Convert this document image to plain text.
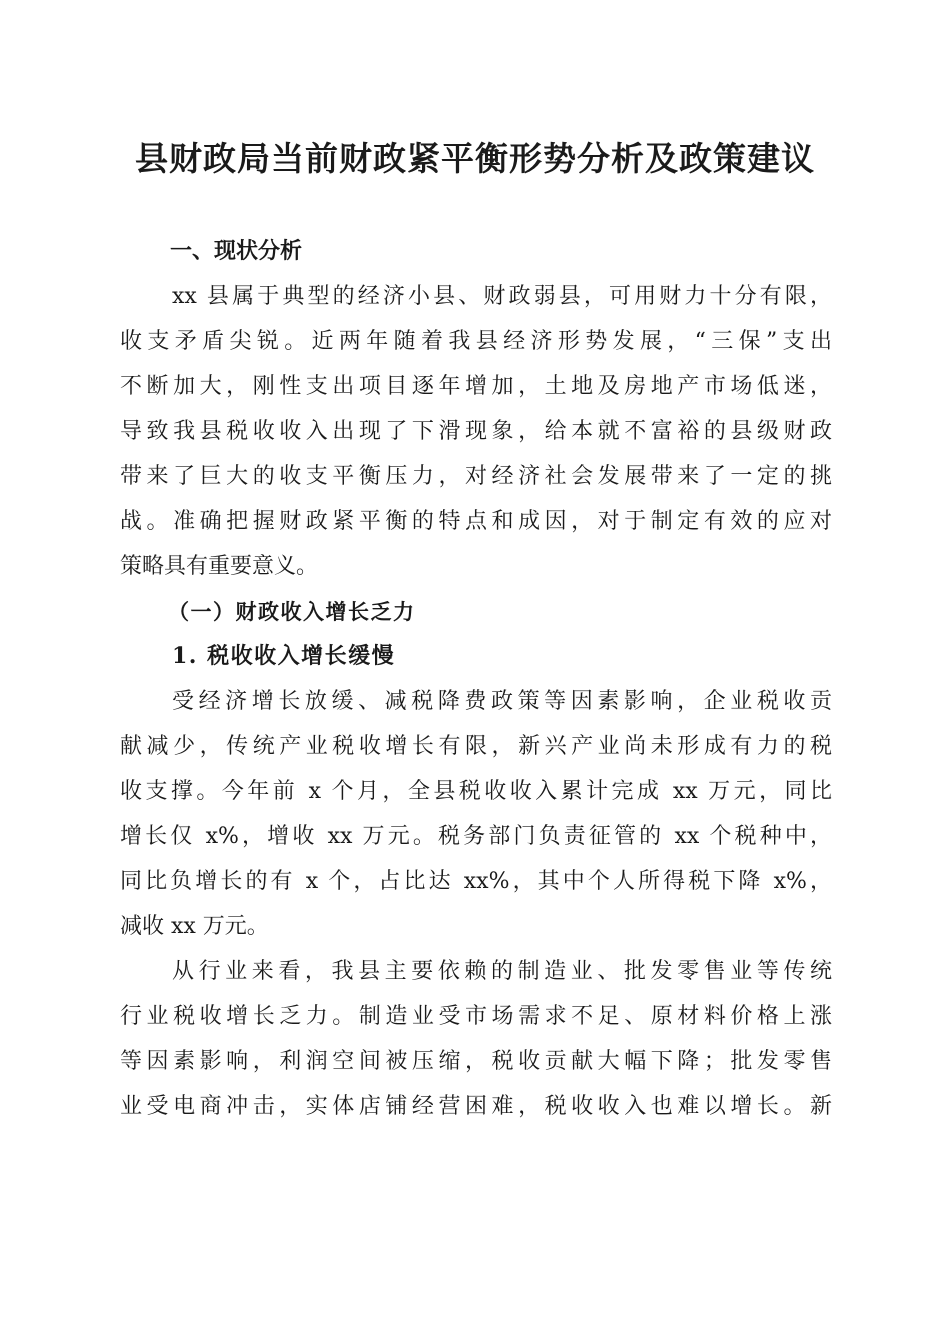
县财政局当前财政紧平衡形势分析及政策建议
一、现状分析

xx 县属于典型的经济小县、财政弱县，可用财力十分有限，
收支矛盾尖锐。近两年随着我县经济形势发展，“三保”支出
不断加大，刚性支出项目逐年增加，土地及房地产市场低迷，
导致我县税收收入出现了下滑现象，给本就不富裕的县级财政
带来了巨大的收支平衡压力，对经济社会发展带来了一定的挑
战。准确把握财政紧平衡的特点和成因，对于制定有效的应对
策略具有重要意义。

（一）财政收入增长乏力
1. 税收收入增长缓慢

受经济增长放缓、减税降费政策等因素影响，企业税收贡
献减少，传统产业税收增长有限，新兴产业尚未形成有力的税
收支撑。今年前 x 个月，全县税收收入累计完成 xx 万元，同比
增长仅 x%，增收 xx 万元。税务部门负责征管的 xx 个税种中，
同比负增长的有 x 个，占比达 xx%，其中个人所得税下降 x%，
减收 xx 万元。

从行业来看，我县主要依赖的制造业、批发零售业等传统
行业税收增长乏力。制造业受市场需求不足、原材料价格上涨
等因素影响，利润空间被压缩，税收贡献大幅下降；批发零售
业受电商冲击，实体店铺经营困难，税收收入也难以增长。新
